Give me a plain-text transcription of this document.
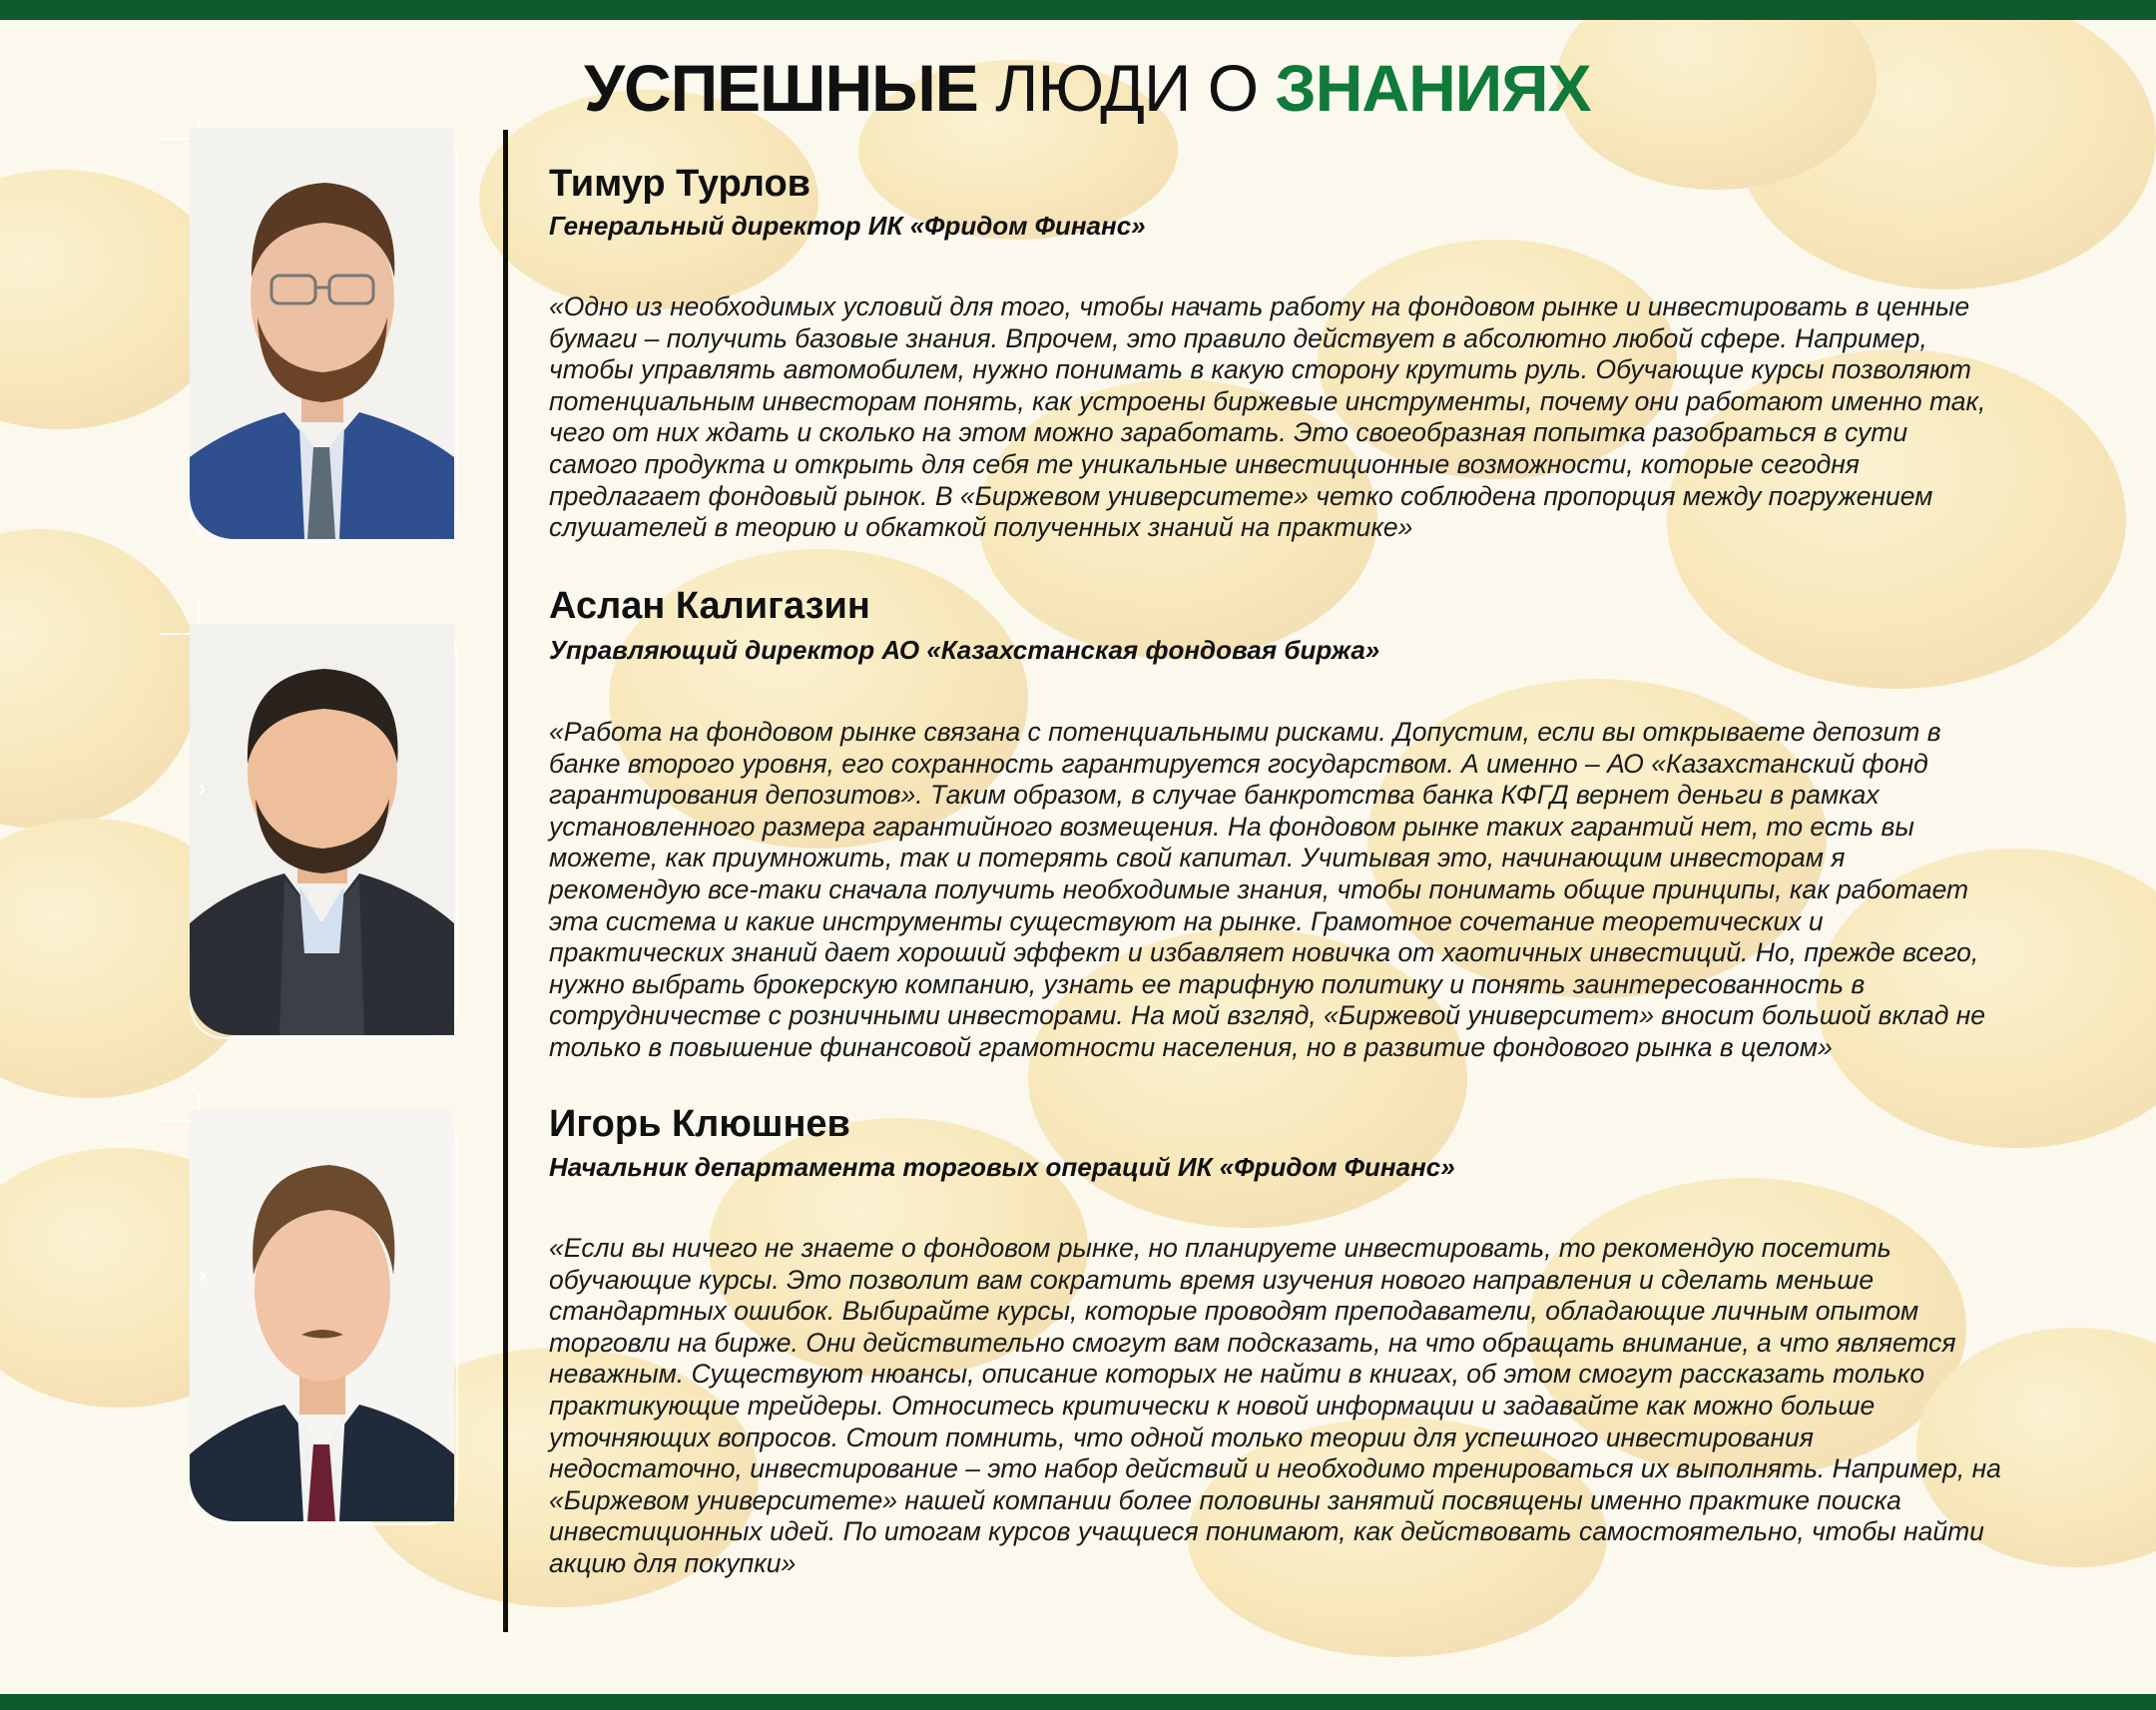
УСПЕШНЫЕ ЛЮДИ О ЗНАНИЯХ
Тимур Турлов
Генеральный директор ИК «Фридом Финанс»

«Одно из необходимых условий для того, чтобы начать работу на фондовом рынке и инвестировать в ценные бумаги – получить базовые знания. Впрочем, это правило действует в абсолютно любой сфере. Например, чтобы управлять автомобилем, нужно понимать в какую сторону крутить руль. Обучающие курсы позволяют потенциальным инвесторам понять, как устроены биржевые инструменты, почему они работают именно так, чего от них ждать и сколько на этом можно заработать. Это своеобразная попытка разобраться в сути самого продукта и открыть для себя те уникальные инвестиционные возможности, которые сегодня предлагает фондовый рынок. В «Биржевом университете» четко соблюдена пропорция между погружением слушателей в теорию и обкаткой полученных знаний на практике»

›
Аслан Калигазин
Управляющий директор АО «Казахстанская фондовая биржа»

«Работа на фондовом рынке связана с потенциальными рисками. Допустим, если вы открываете депозит в банке второго уровня, его сохранность гарантируется государством. А именно – АО «Казахстанский фонд гарантирования депозитов». Таким образом, в случае банкротства банка КФГД вернет деньги в рамках установленного размера гарантийного возмещения. На фондовом рынке таких гарантий нет, то есть вы можете, как приумножить, так и потерять свой капитал. Учитывая это, начинающим инвесторам я рекомендую все-таки сначала получить необходимые знания, чтобы понимать общие принципы, как работает эта система и какие инструменты существуют на рынке. Грамотное сочетание теоретических и практических знаний дает хороший эффект и избавляет новичка от хаотичных инвестиций. Но, прежде всего, нужно выбрать брокерскую компанию, узнать ее тарифную политику и понять заинтересованность в сотрудничестве с розничными инвесторами. На мой взгляд, «Биржевой университет» вносит большой вклад не только в повышение финансовой грамотности населения, но в развитие фондового рынка в целом»

›
Игорь Клюшнев
Начальник департамента торговых операций ИК «Фридом Финанс»

«Если вы ничего не знаете о фондовом рынке, но планируете инвестировать, то рекомендую посетить обучающие курсы. Это позволит вам сократить время изучения нового направления и сделать меньше стандартных ошибок. Выбирайте курсы, которые проводят преподаватели, обладающие личным опытом торговли на бирже. Они действительно смогут вам подсказать, на что обращать внимание, а что является неважным. Существуют нюансы, описание которых не найти в книгах, об этом смогут рассказать только практикующие трейдеры. Относитесь критически к новой информации и задавайте как можно больше уточняющих вопросов. Стоит помнить, что одной только теории для успешного инвестирования недостаточно, инвестирование – это набор действий и необходимо тренироваться их выполнять. Например, на «Биржевом университете» нашей компании более половины занятий посвящены именно практике поиска инвестиционных идей. По итогам курсов учащиеся понимают, как действовать самостоятельно, чтобы найти акцию для покупки»
